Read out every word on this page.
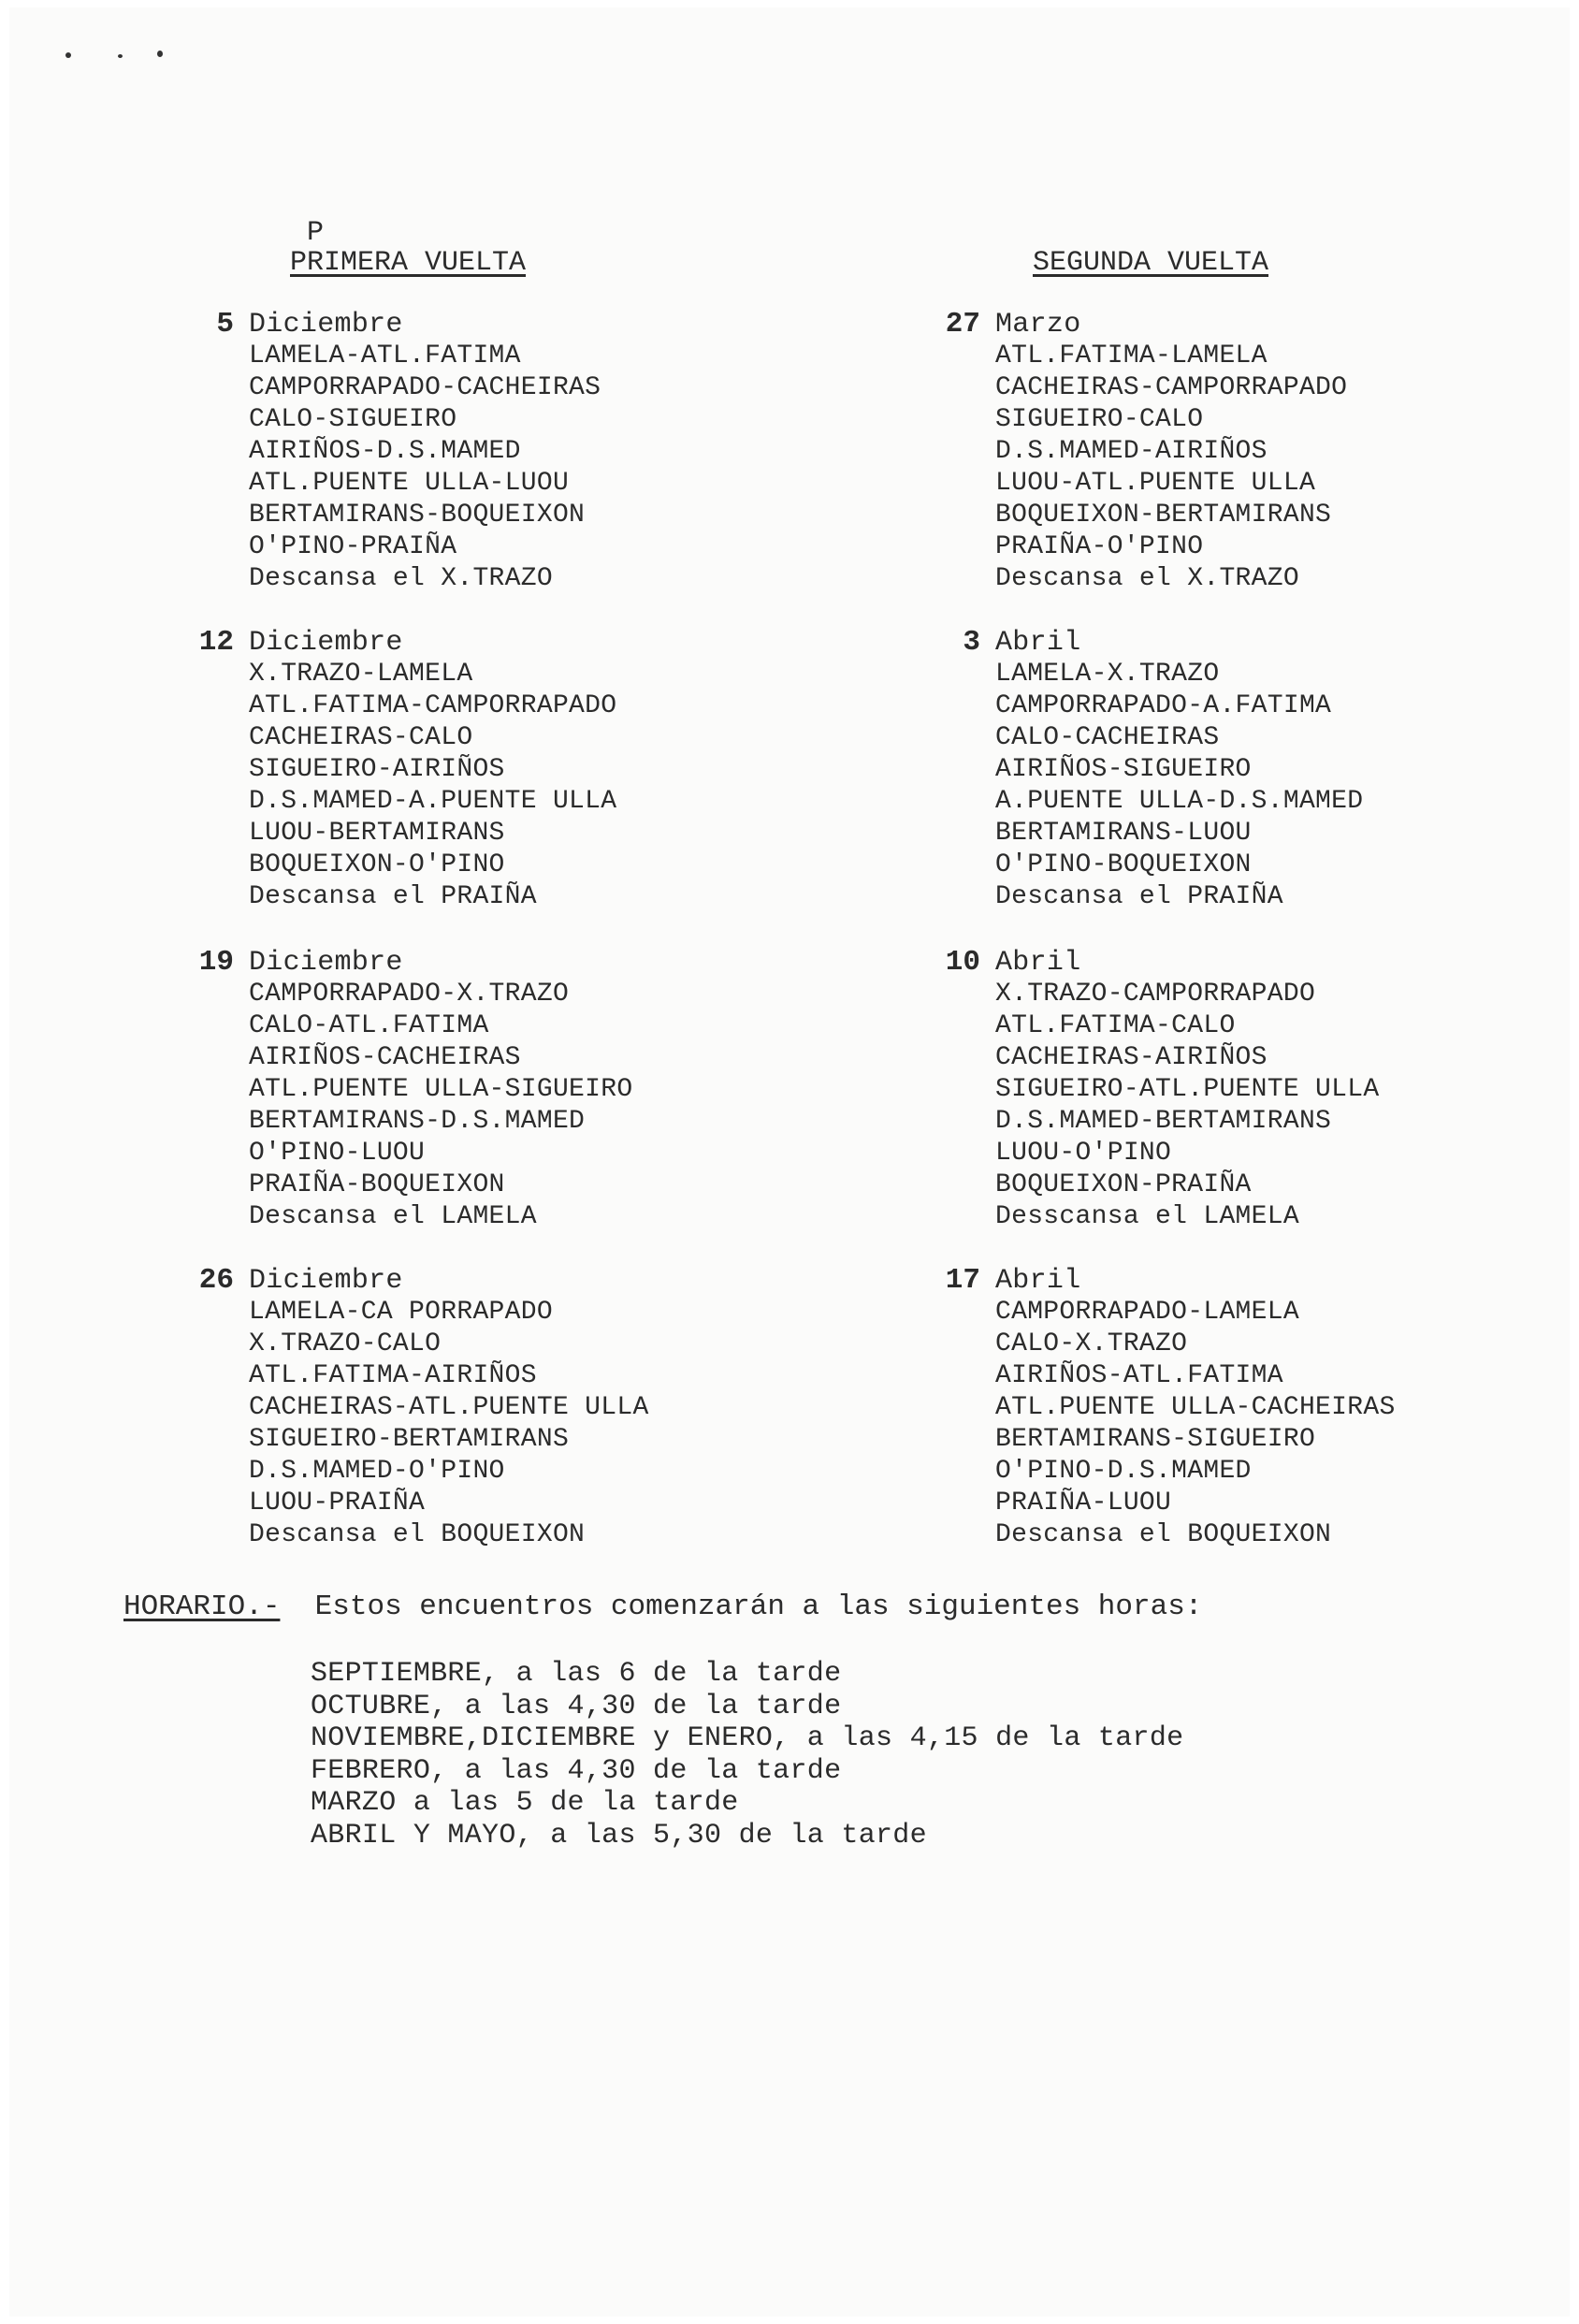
P
PRIMERA VUELTA	SEGUNDA VUELTA
5 Diciembre
LAMELA-ATL.FATIMA
CAMPORRAPADO-CACHEIRAS
CALO-SIGUEIRO
AIRIÑOS-D.S.MAMED
ATL.PUENTE ULLA-LUOU
BERTAMIRANS-BOQUEIXON
O'PINO-PRAIÑA
Descansa el X.TRAZO
12 Diciembre
X.TRAZO-LAMELA
ATL.FATIMA-CAMPORRAPADO
CACHEIRAS-CALO
SIGUEIRO-AIRIÑOS
D.S.MAMED-A.PUENTE ULLA
LUOU-BERTAMIRANS
BOQUEIXON-O'PINO
Descansa el PRAIÑA
19 Diciembre
CAMPORRAPADO-X.TRAZO
CALO-ATL.FATIMA
AIRIÑOS-CACHEIRAS
ATL.PUENTE ULLA-SIGUEIRO
BERTAMIRANS-D.S.MAMED
O'PINO-LUOU
PRAIÑA-BOQUEIXON
Descansa el LAMELA
26 Diciembre
LAMELA-CA PORRAPADO
X.TRAZO-CALO
ATL.FATIMA-AIRIÑOS
CACHEIRAS-ATL.PUENTE ULLA
SIGUEIRO-BERTAMIRANS
D.S.MAMED-O'PINO
LUOU-PRAIÑA
Descansa el BOQUEIXON
27 Marzo
ATL.FATIMA-LAMELA
CACHEIRAS-CAMPORRAPADO
SIGUEIRO-CALO
D.S.MAMED-AIRIÑOS
LUOU-ATL.PUENTE ULLA
BOQUEIXON-BERTAMIRANS
PRAIÑA-O'PINO
Descansa el X.TRAZO
3 Abril
LAMELA-X.TRAZO
CAMPORRAPADO-A.FATIMA
CALO-CACHEIRAS
AIRIÑOS-SIGUEIRO
A.PUENTE ULLA-D.S.MAMED
BERTAMIRANS-LUOU
O'PINO-BOQUEIXON
Descansa el PRAIÑA
10 Abril
X.TRAZO-CAMPORRAPADO
ATL.FATIMA-CALO
CACHEIRAS-AIRIÑOS
SIGUEIRO-ATL.PUENTE ULLA
D.S.MAMED-BERTAMIRANS
LUOU-O'PINO
BOQUEIXON-PRAIÑA
Desscansa el LAMELA
17 Abril
CAMPORRAPADO-LAMELA
CALO-X.TRAZO
AIRIÑOS-ATL.FATIMA
ATL.PUENTE ULLA-CACHEIRAS
BERTAMIRANS-SIGUEIRO
O'PINO-D.S.MAMED
PRAIÑA-LUOU
Descansa el BOQUEIXON
HORARIO.- Estos encuentros comenzarán a las siguientes horas:
SEPTIEMBRE, a las 6 de la tarde
OCTUBRE, a las 4,30 de la tarde
NOVIEMBRE,DICIEMBRE y ENERO, a las 4,15 de la tarde
FEBRERO, a las 4,30 de la tarde
MARZO a las 5 de la tarde
ABRIL Y MAYO, a las 5,30 de la tarde
